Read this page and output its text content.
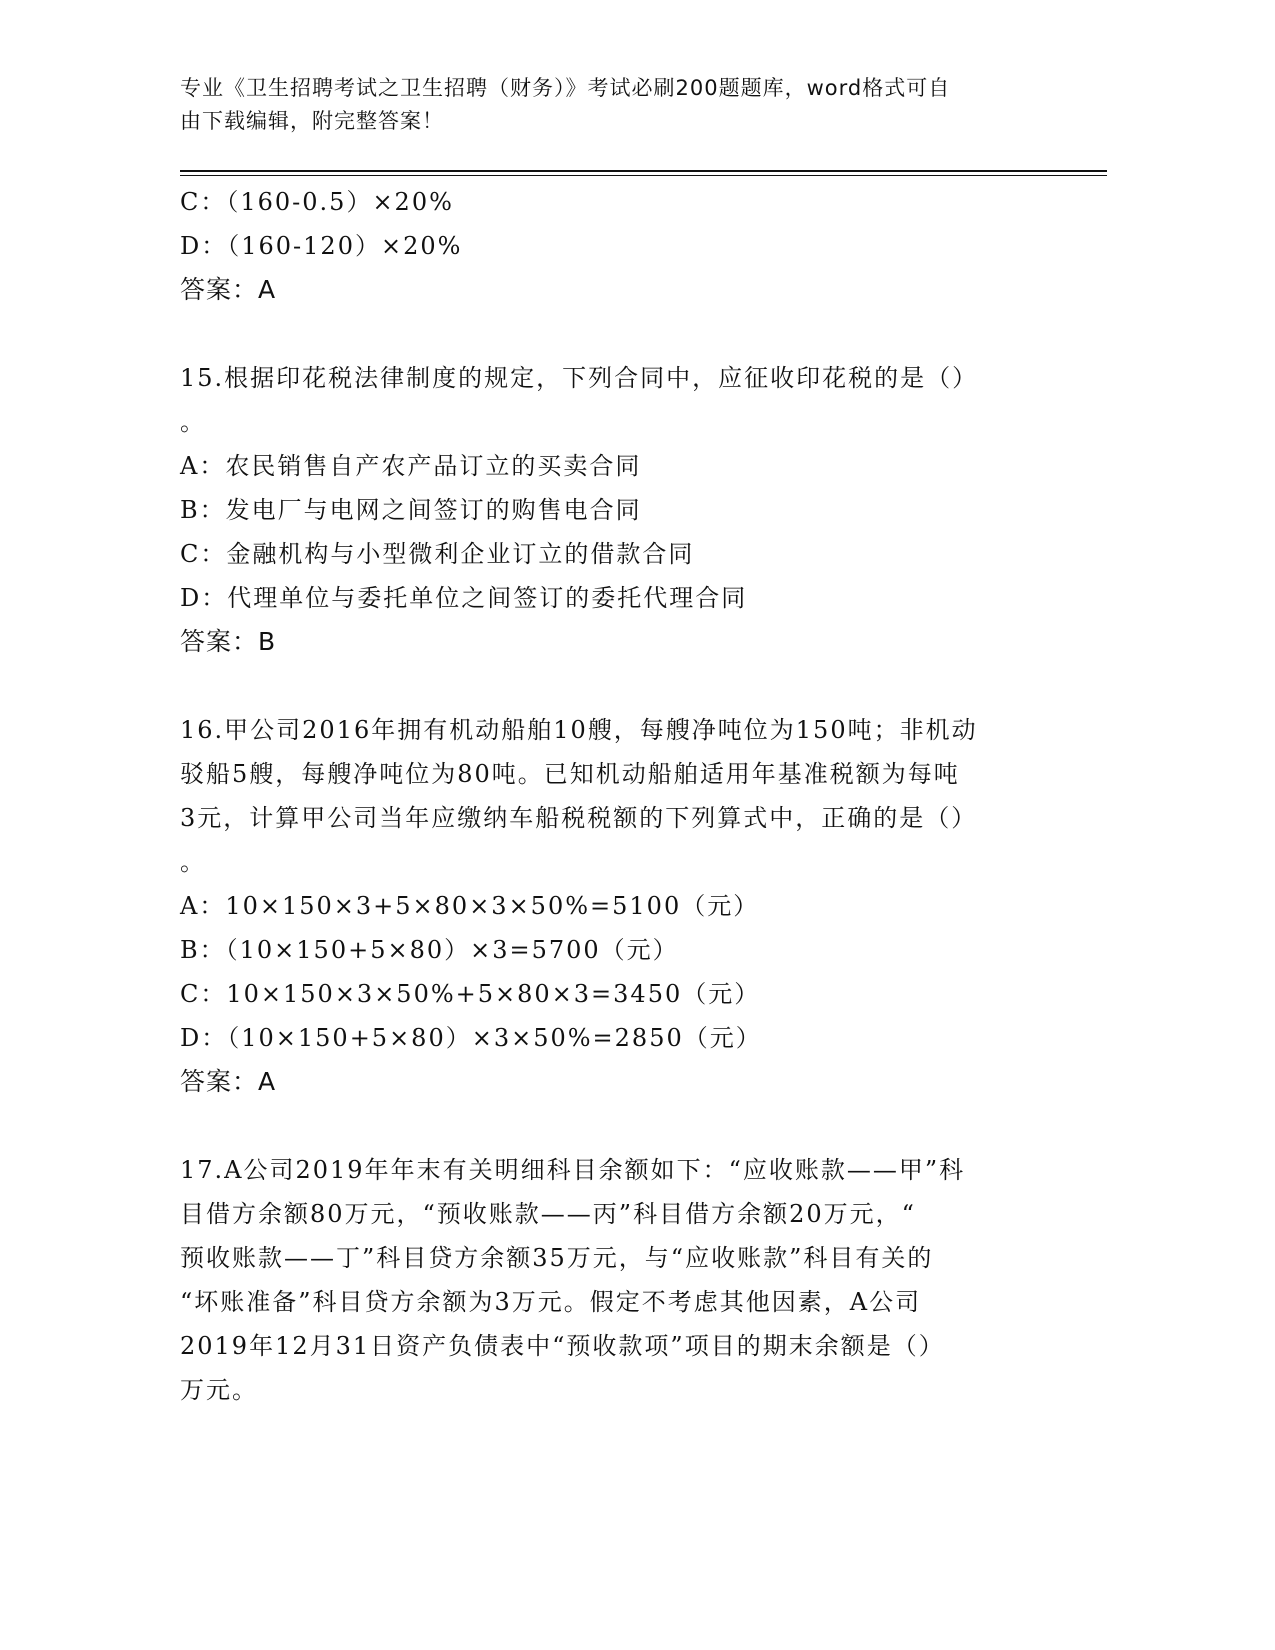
专业《卫生招聘考试之卫生招聘（财务）》考试必刷200题题库，word格式可自
由下载编辑，附完整答案！
C：（160-0.5）×20%
D：（160-120）×20%
答案：A
15.根据印花税法律制度的规定，下列合同中，应征收印花税的是（）
。
A：农民销售自产农产品订立的买卖合同
B：发电厂与电网之间签订的购售电合同
C：金融机构与小型微利企业订立的借款合同
D：代理单位与委托单位之间签订的委托代理合同
答案：B
16.甲公司2016年拥有机动船舶10艘，每艘净吨位为150吨；非机动
驳船5艘，每艘净吨位为80吨。已知机动船舶适用年基准税额为每吨
3元，计算甲公司当年应缴纳车船税税额的下列算式中，正确的是（）
。
A：10×150×3+5×80×3×50%=5100（元）
B：（10×150+5×80）×3=5700（元）
C：10×150×3×50%+5×80×3=3450（元）
D：（10×150+5×80）×3×50%=2850（元）
答案：A
17.A公司2019年年末有关明细科目余额如下：“应收账款——甲”科
目借方余额80万元，“预收账款——丙”科目借方余额20万元，“
预收账款——丁”科目贷方余额35万元，与“应收账款”科目有关的
“坏账准备”科目贷方余额为3万元。假定不考虑其他因素，A公司
2019年12月31日资产负债表中“预收款项”项目的期末余额是（）
万元。
